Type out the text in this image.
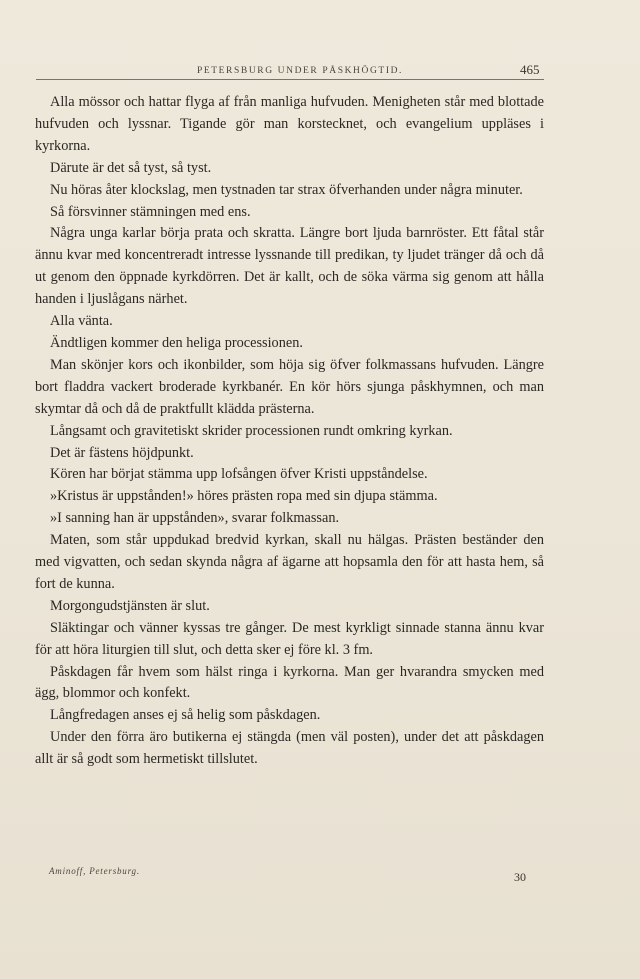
PETERSBURG UNDER PÅSKHÖGTID.	465

Alla mössor och hattar flyga af från manliga hufvuden. Menigheten står med blottade hufvuden och lyssnar. Tigande gör man korstecknet, och evangelium uppläses i kyrkorna.

Därute är det så tyst, så tyst.

Nu höras åter klockslag, men tystnaden tar strax öfverhanden under några minuter.

Så försvinner stämningen med ens.

Några unga karlar börja prata och skratta. Längre bort ljuda barnröster. Ett fåtal står ännu kvar med koncentreradt intresse lyssnande till predikan, ty ljudet tränger då och då ut genom den öppnade kyrkdörren. Det är kallt, och de söka värma sig genom att hålla handen i ljuslågans närhet.

Alla vänta.

Ändtligen kommer den heliga processionen.

Man skönjer kors och ikonbilder, som höja sig öfver folkmassans hufvuden. Längre bort fladdra vackert broderade kyrkbanér. En kör hörs sjunga påskhymnen, och man skymtar då och då de praktfullt klädda prästerna.

Långsamt och gravitetiskt skrider processionen rundt omkring kyrkan.

Det är fästens höjdpunkt.

Kören har börjat stämma upp lofsången öfver Kristi uppståndelse.

»Kristus är uppstånden!» höres prästen ropa med sin djupa stämma.

»I sanning han är uppstånden», svarar folkmassan.

Maten, som står uppdukad bredvid kyrkan, skall nu hälgas. Prästen beständer den med vigvatten, och sedan skynda några af ägarne att hopsamla den för att hasta hem, så fort de kunna.

Morgongudstjänsten är slut.

Släktingar och vänner kyssas tre gånger. De mest kyrkligt sinnade stanna ännu kvar för att höra liturgien till slut, och detta sker ej före kl. 3 fm.

Påskdagen får hvem som hälst ringa i kyrkorna. Man ger hvarandra smycken med ägg, blommor och konfekt.

Långfredagen anses ej så helig som påskdagen.

Under den förra äro butikerna ej stängda (men väl posten), under det att påskdagen allt är så godt som hermetiskt tillslutet.

Aminoff, Petersburg.	30
